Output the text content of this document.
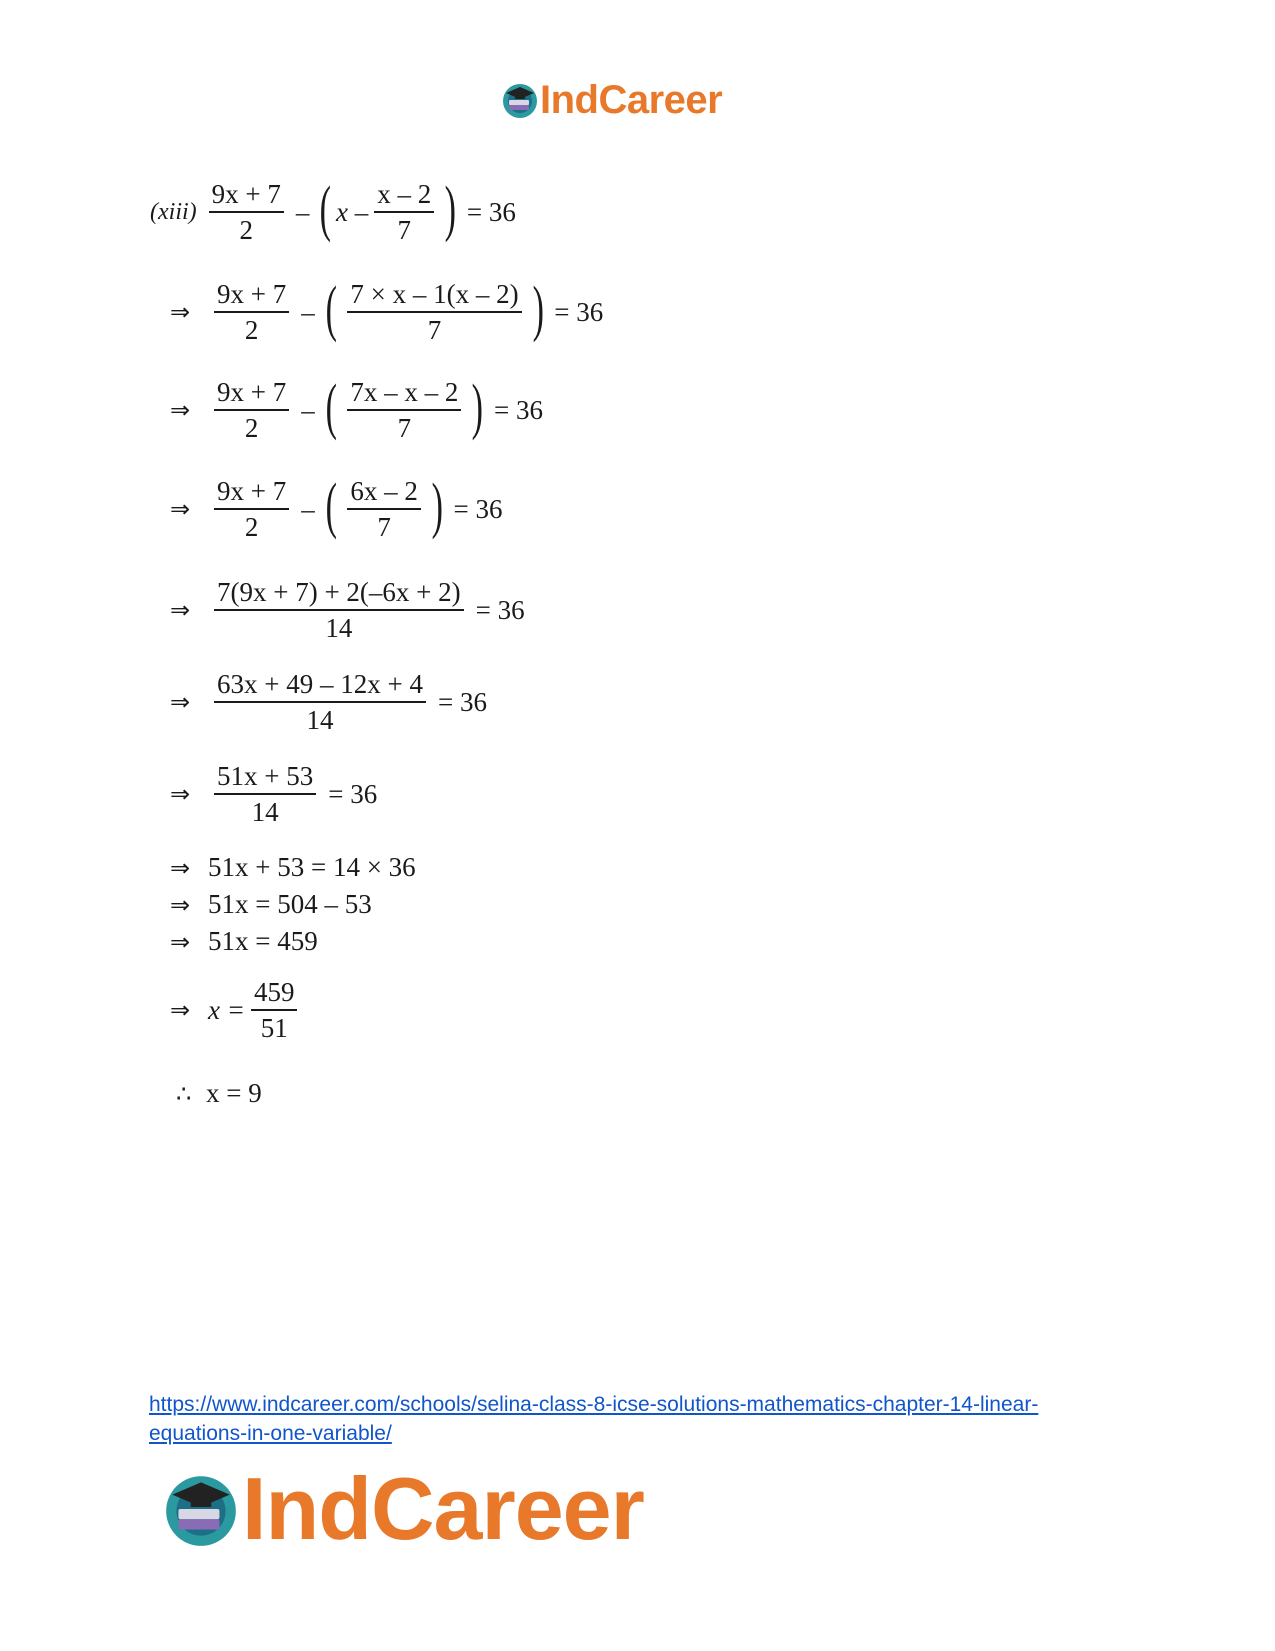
IndCareer
(xiii) $\frac{9x + 7}{2}$ – ( x – $\frac{x - 2}{7}$ ) = 36
⇒ $\frac{9x + 7}{2}$ – ( $\frac{7 \times x - 1(x - 2)}{7}$ ) = 36
⇒ $\frac{9x + 7}{2}$ – ( $\frac{7x - x - 2}{7}$ ) = 36
⇒ $\frac{9x + 7}{2}$ – ( $\frac{6x - 2}{7}$ ) = 36
⇒ $\frac{7(9x + 7) + 2(-6x + 2)}{14} = 36$
⇒ $\frac{63x + 49 - 12x + 4}{14} = 36$
⇒ $\frac{51x + 53}{14} = 36$
⇒ 51x + 53 = 14 × 36
⇒ 51x = 504 – 53
⇒ 51x = 459
⇒ $x = \frac{459}{51}$
∴ x = 9
https://www.indcareer.com/schools/selina-class-8-icse-solutions-mathematics-chapter-14-linear-
equations-in-one-variable/
IndCareer
